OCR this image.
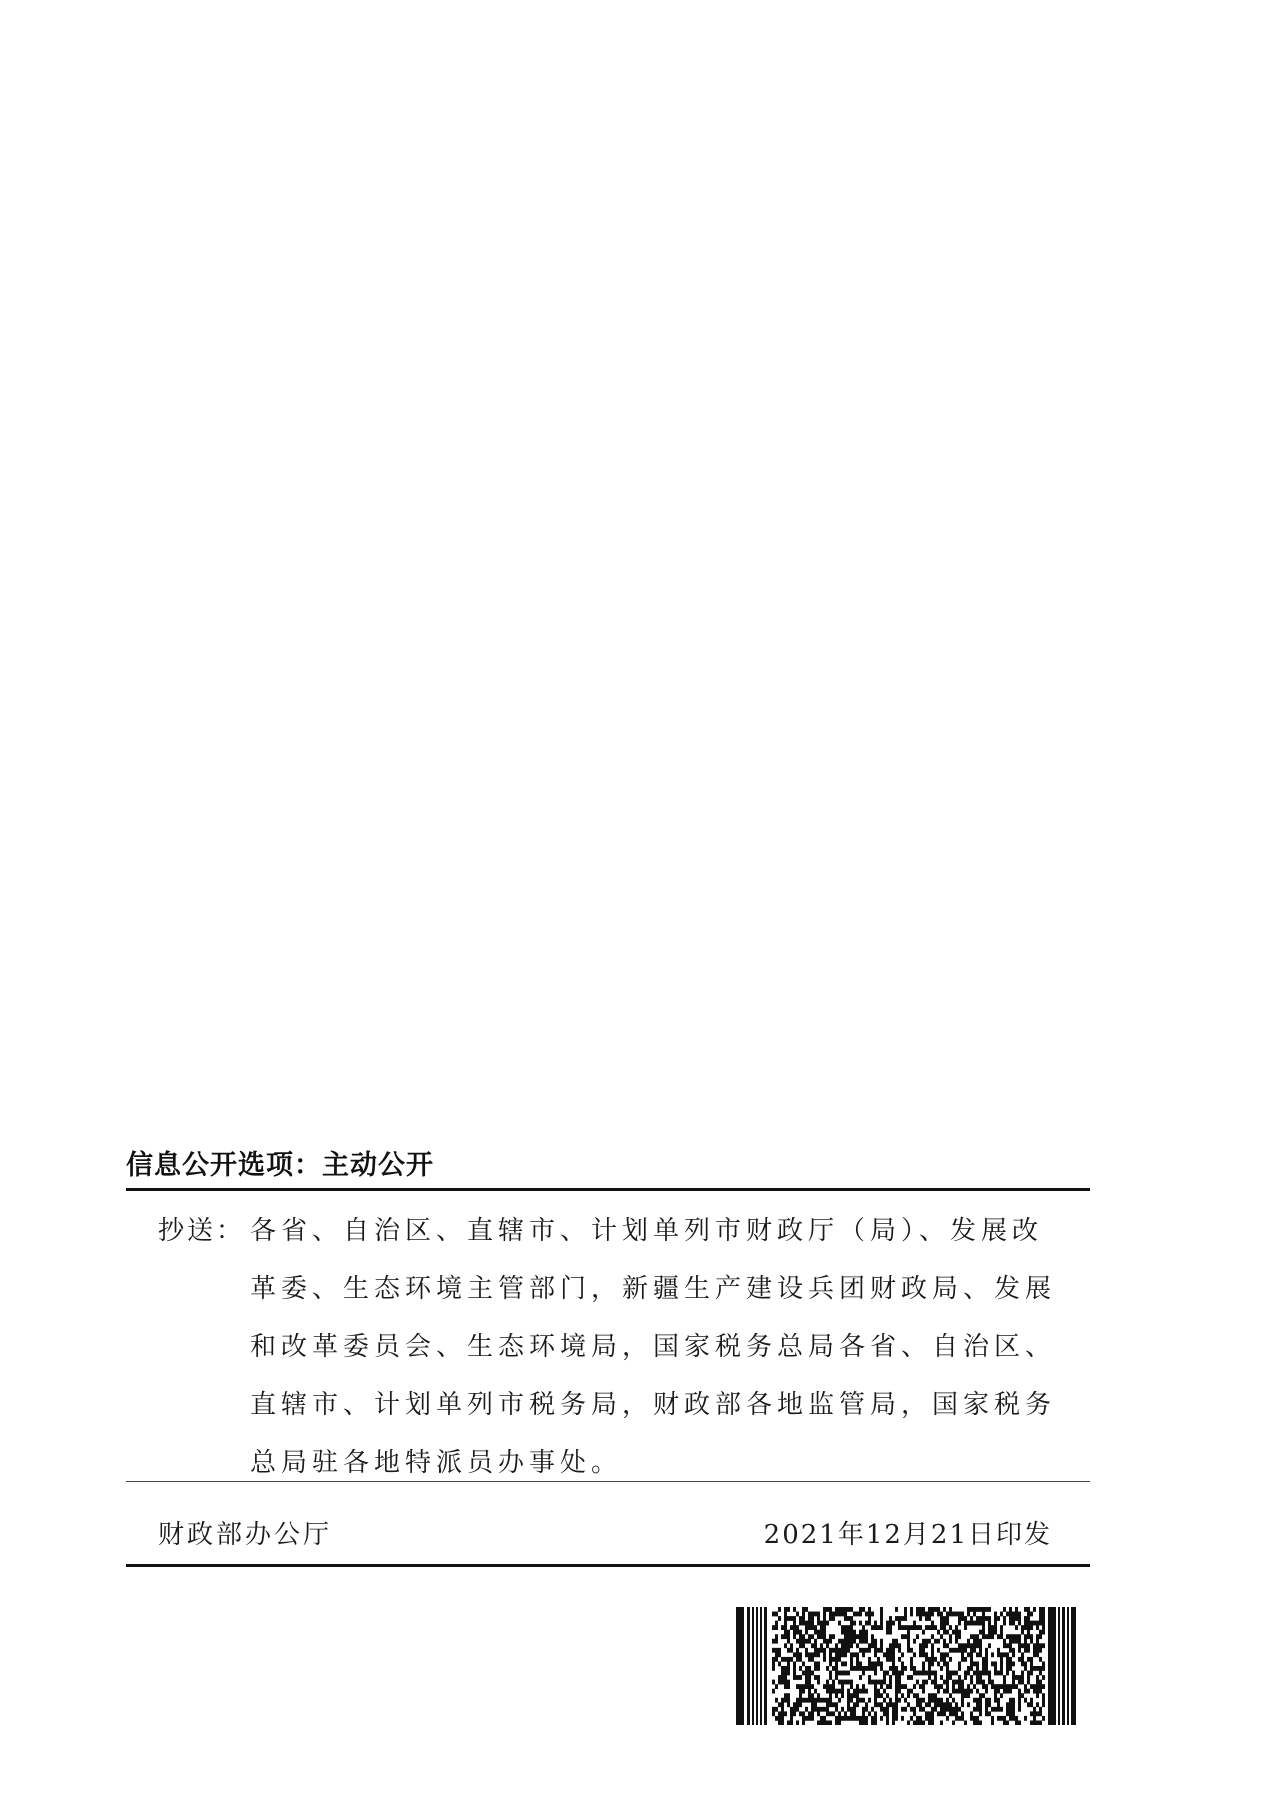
信息公开选项：主动公开
抄送： 各省、自治区、直辖市、计划单列市财政厅（局）、发展改
革委、生态环境主管部门，新疆生产建设兵团财政局、发展
和改革委员会、生态环境局，国家税务总局各省、自治区、
直辖市、计划单列市税务局，财政部各地监管局，国家税务
总局驻各地特派员办事处。
财政部办公厅	2021年12月21日印发
